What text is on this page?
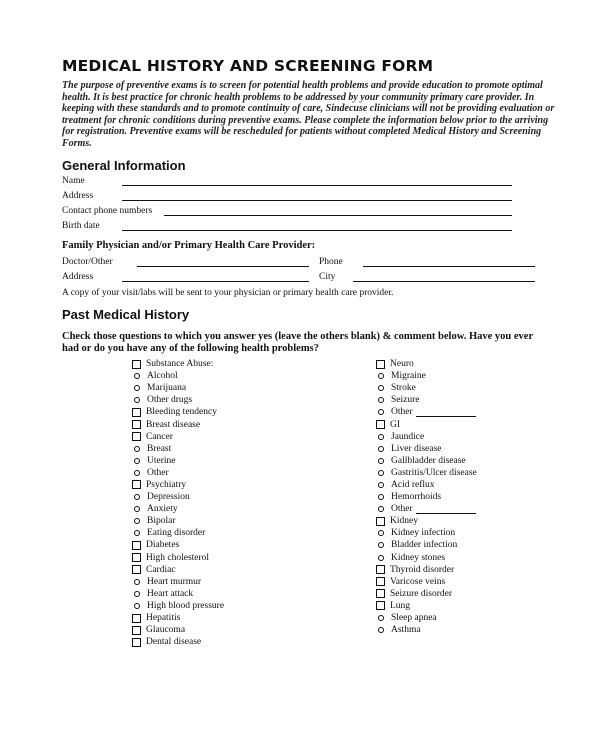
MEDICAL HISTORY AND SCREENING FORM
The purpose of preventive exams is to screen for potential health problems and provide education to promote optimal health. It is best practice for chronic health problems to be addressed by your community primary care provider. In keeping with these standards and to promote continuity of care, Sindecuse clinicians will not be providing evaluation or treatment for chronic conditions during preventive exams. Please complete the information below prior to the arriving for registration. Preventive exams will be rescheduled for patients without completed Medical History and Screening Forms.
General Information
Name
Address
Contact phone numbers
Birth date
Family Physician and/or Primary Health Care Provider:
Doctor/Other	Phone
Address	City
A copy of your visit/labs will be sent to your physician or primary health care provider.
Past Medical History
Check those questions to which you answer yes (leave the others blank) & comment below. Have you ever had or do you have any of the following health problems?
Substance Abuse:
Alcohol
Marijuana
Other drugs
Bleeding tendency
Breast disease
Cancer
Breast
Uterine
Other
Psychiatry
Depression
Anxiety
Bipolar
Eating disorder
Diabetes
High cholesterol
Cardiac
Heart murmur
Heart attack
High blood pressure
Hepatitis
Glaucoma
Dental disease
Neuro
Migraine
Stroke
Seizure
Other
GI
Jaundice
Liver disease
Gallbladder disease
Gastritis/Ulcer disease
Acid reflux
Hemorrhoids
Other
Kidney
Kidney infection
Bladder infection
Kidney stones
Thyroid disorder
Varicose veins
Seizure disorder
Lung
Sleep apnea
Asthma
